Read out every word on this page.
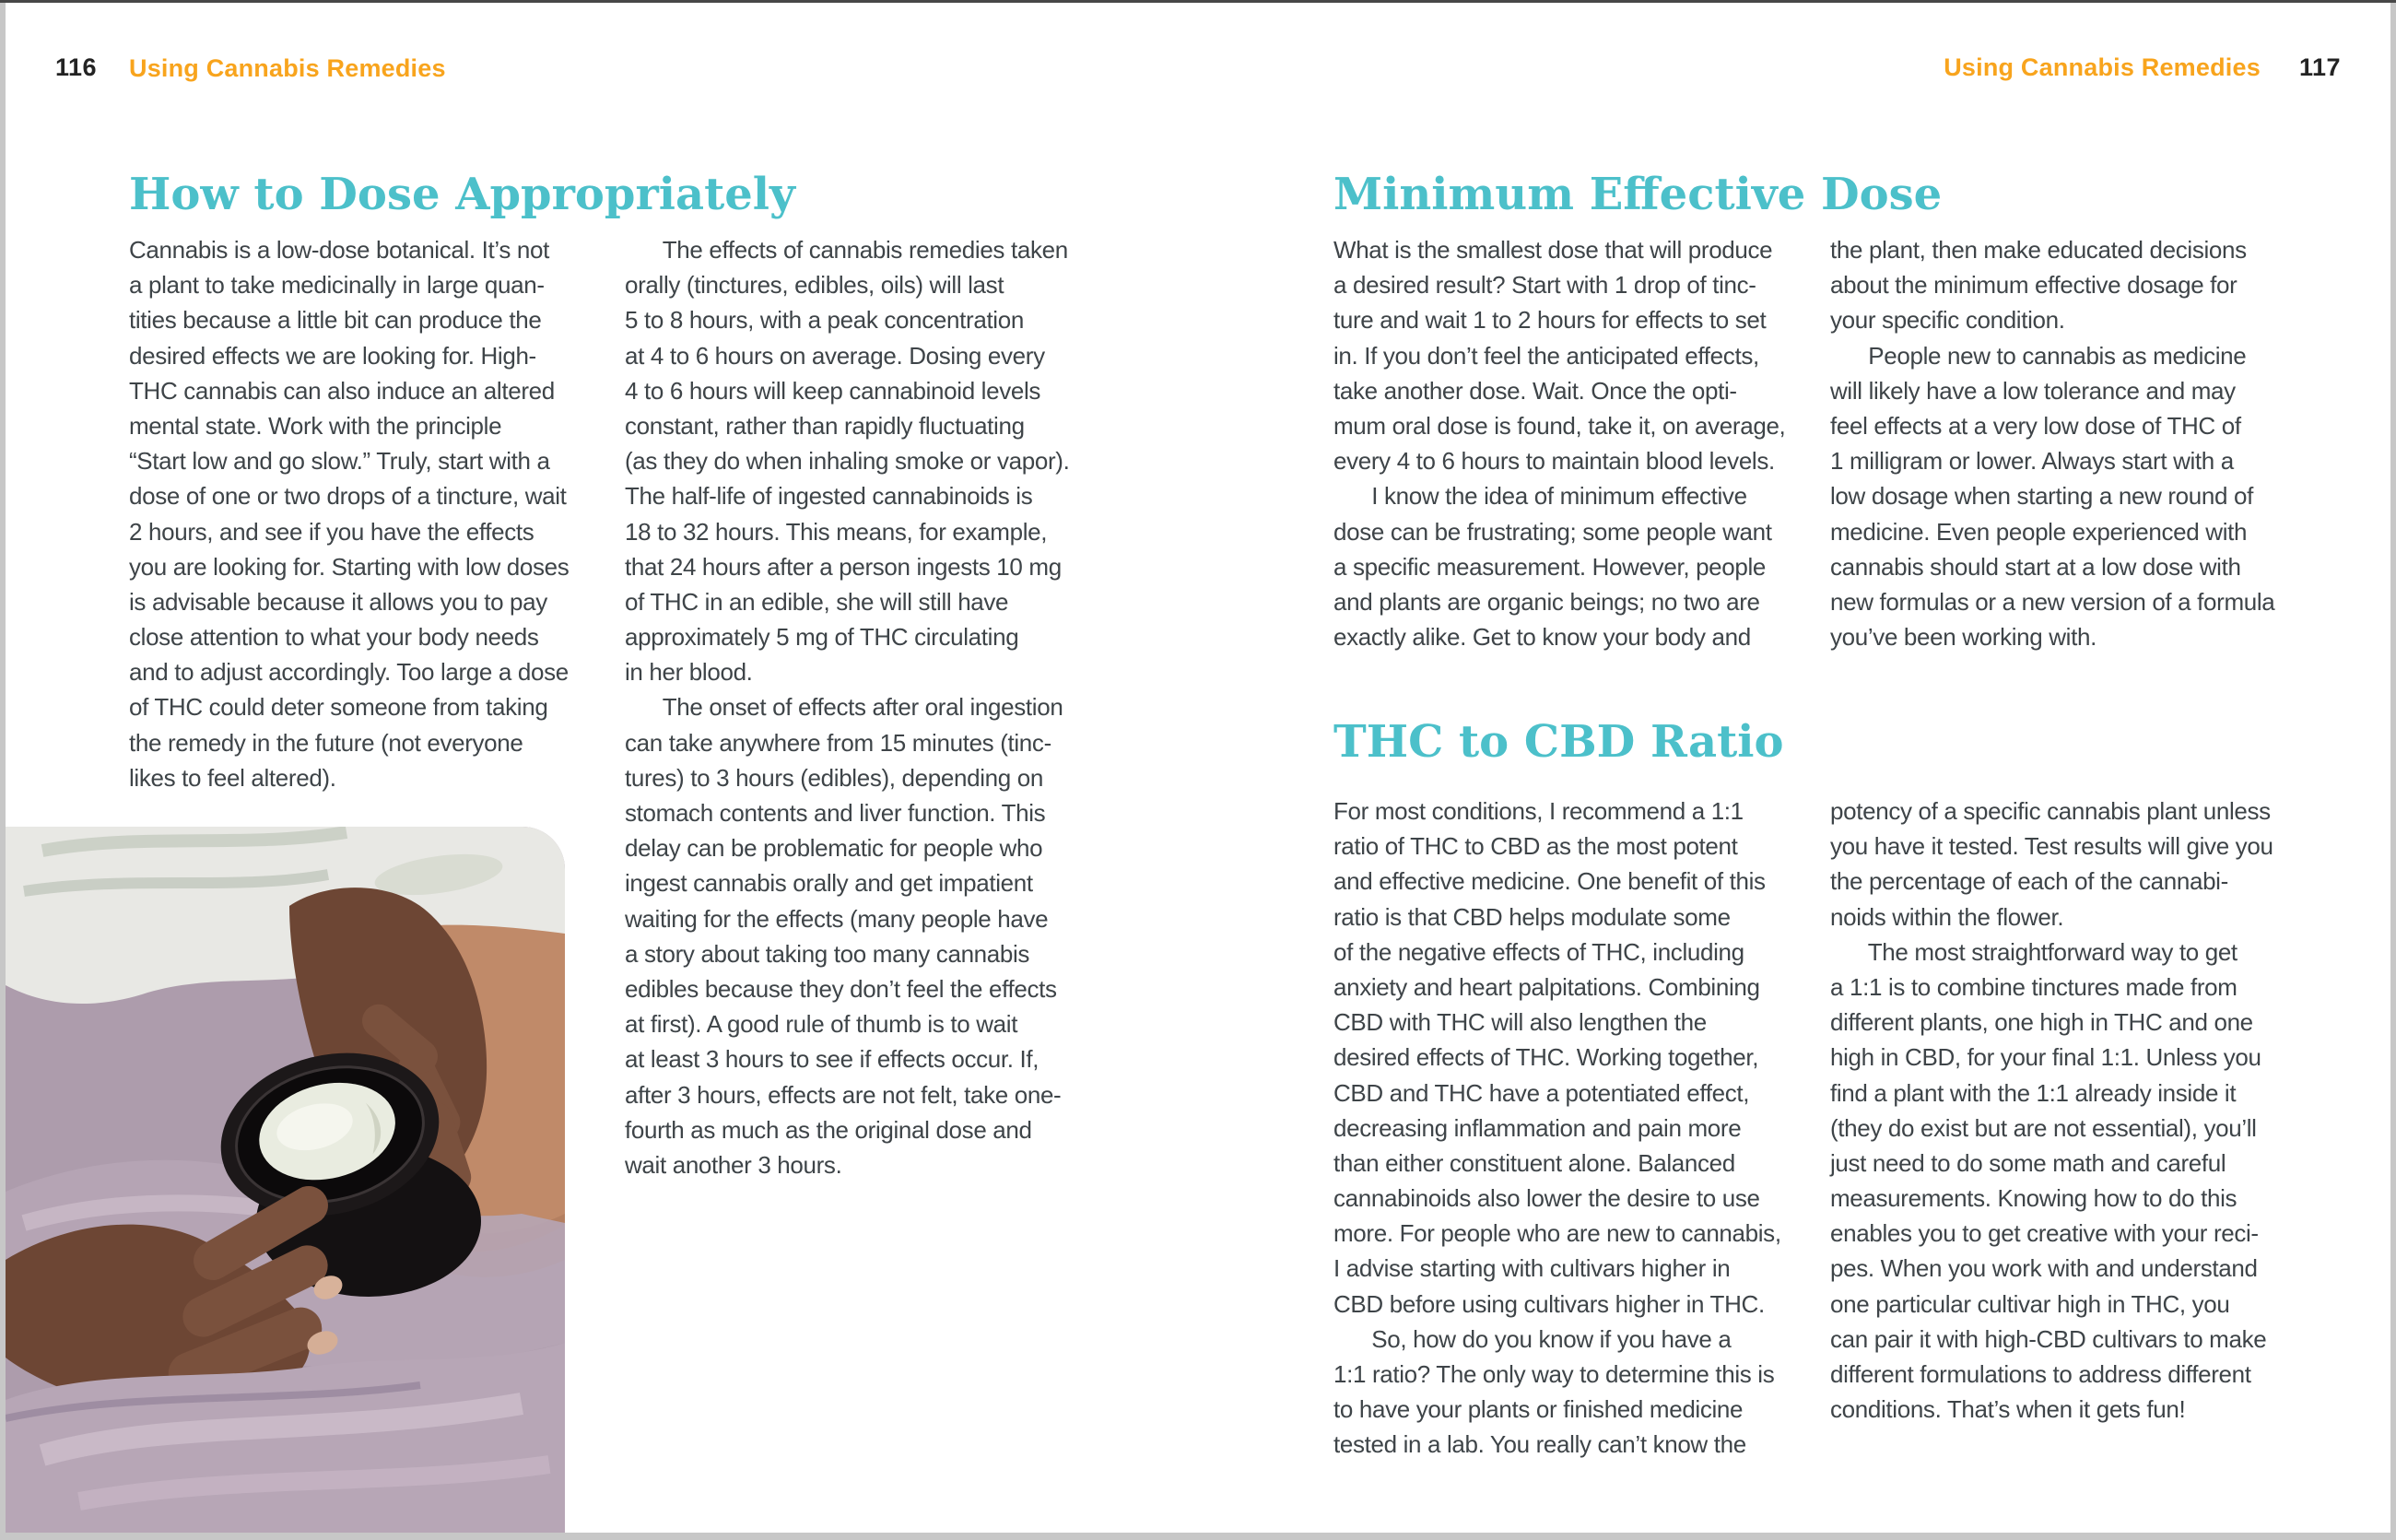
116 Using Cannabis Remedies	Using Cannabis Remedies 117
How to Dose Appropriately
Cannabis is a low-dose botanical. It’s not
a plant to take medicinally in large quan-
tities because a little bit can produce the
desired effects we are looking for. High-
THC cannabis can also induce an altered
mental state. Work with the principle
“Start low and go slow.” Truly, start with a
dose of one or two drops of a tincture, wait
2 hours, and see if you have the effects
you are looking for. Starting with low doses
is advisable because it allows you to pay
close attention to what your body needs
and to adjust accordingly. Too large a dose
of THC could deter someone from taking
the remedy in the future (not everyone
likes to feel altered).
The effects of cannabis remedies taken
orally (tinctures, edibles, oils) will last
5 to 8 hours, with a peak concentration
at 4 to 6 hours on average. Dosing every
4 to 6 hours will keep cannabinoid levels
constant, rather than rapidly fluctuating
(as they do when inhaling smoke or vapor).
The half-life of ingested cannabinoids is
18 to 32 hours. This means, for example,
that 24 hours after a person ingests 10 mg
of THC in an edible, she will still have
approximately 5 mg of THC circulating
in her blood.
The onset of effects after oral ingestion
can take anywhere from 15 minutes (tinc-
tures) to 3 hours (edibles), depending on
stomach contents and liver function. This
delay can be problematic for people who
ingest cannabis orally and get impatient
waiting for the effects (many people have
a story about taking too many cannabis
edibles because they don’t feel the effects
at first). A good rule of thumb is to wait
at least 3 hours to see if effects occur. If,
after 3 hours, effects are not felt, take one-
fourth as much as the original dose and
wait another 3 hours.
Minimum Effective Dose
What is the smallest dose that will produce
a desired result? Start with 1 drop of tinc-
ture and wait 1 to 2 hours for effects to set
in. If you don’t feel the anticipated effects,
take another dose. Wait. Once the opti-
mum oral dose is found, take it, on average,
every 4 to 6 hours to maintain blood levels.
I know the idea of minimum effective
dose can be frustrating; some people want
a specific measurement. However, people
and plants are organic beings; no two are
exactly alike. Get to know your body and
the plant, then make educated decisions
about the minimum effective dosage for
your specific condition.
People new to cannabis as medicine
will likely have a low tolerance and may
feel effects at a very low dose of THC of
1 milligram or lower. Always start with a
low dosage when starting a new round of
medicine. Even people experienced with
cannabis should start at a low dose with
new formulas or a new version of a formula
you’ve been working with.
THC to CBD Ratio
For most conditions, I recommend a 1:1
ratio of THC to CBD as the most potent
and effective medicine. One benefit of this
ratio is that CBD helps modulate some
of the negative effects of THC, including
anxiety and heart palpitations. Combining
CBD with THC will also lengthen the
desired effects of THC. Working together,
CBD and THC have a potentiated effect,
decreasing inflammation and pain more
than either constituent alone. Balanced
cannabinoids also lower the desire to use
more. For people who are new to cannabis,
I advise starting with cultivars higher in
CBD before using cultivars higher in THC.
So, how do you know if you have a
1:1 ratio? The only way to determine this is
to have your plants or finished medicine
tested in a lab. You really can’t know the
potency of a specific cannabis plant unless
you have it tested. Test results will give you
the percentage of each of the cannabi-
noids within the flower.
The most straightforward way to get
a 1:1 is to combine tinctures made from
different plants, one high in THC and one
high in CBD, for your final 1:1. Unless you
find a plant with the 1:1 already inside it
(they do exist but are not essential), you’ll
just need to do some math and careful
measurements. Knowing how to do this
enables you to get creative with your reci-
pes. When you work with and understand
one particular cultivar high in THC, you
can pair it with high-CBD cultivars to make
different formulations to address different
conditions. That’s when it gets fun!
